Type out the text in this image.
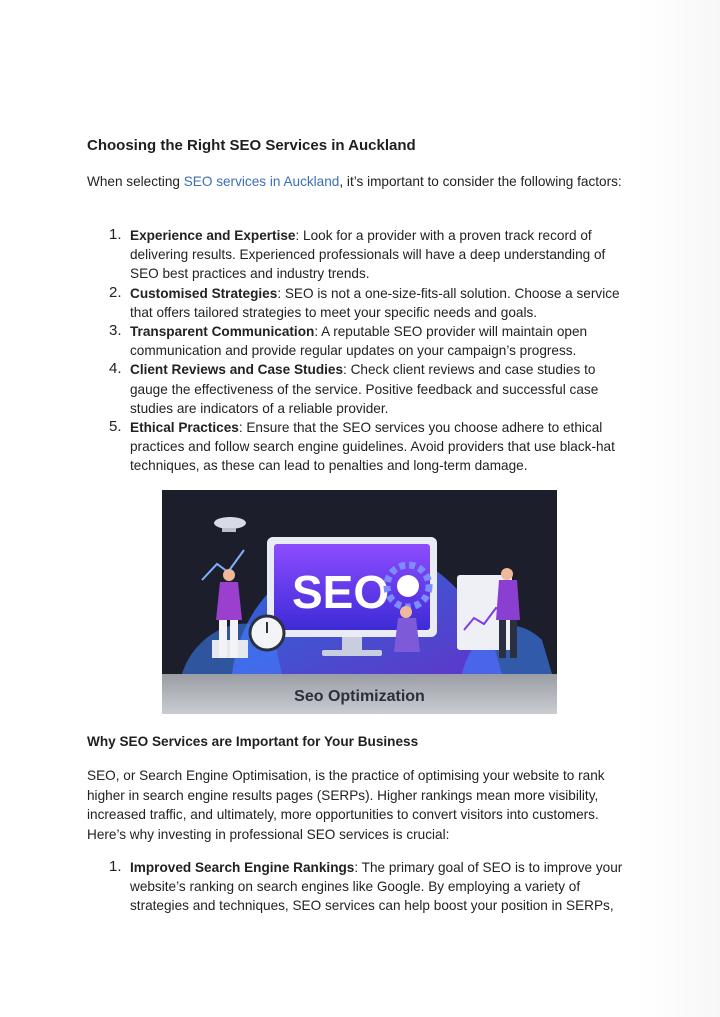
Choosing the Right SEO Services in Auckland
When selecting SEO services in Auckland, it’s important to consider the following factors:
1. Experience and Expertise: Look for a provider with a proven track record of delivering results. Experienced professionals will have a deep understanding of SEO best practices and industry trends.
2. Customised Strategies: SEO is not a one-size-fits-all solution. Choose a service that offers tailored strategies to meet your specific needs and goals.
3. Transparent Communication: A reputable SEO provider will maintain open communication and provide regular updates on your campaign’s progress.
4. Client Reviews and Case Studies: Check client reviews and case studies to gauge the effectiveness of the service. Positive feedback and successful case studies are indicators of a reliable provider.
5. Ethical Practices: Ensure that the SEO services you choose adhere to ethical practices and follow search engine guidelines. Avoid providers that use black-hat techniques, as these can lead to penalties and long-term damage.
Why SEO Services are Important for Your Business
SEO, or Search Engine Optimisation, is the practice of optimising your website to rank higher in search engine results pages (SERPs). Higher rankings mean more visibility, increased traffic, and ultimately, more opportunities to convert visitors into customers. Here’s why investing in professional SEO services is crucial:
1. Improved Search Engine Rankings: The primary goal of SEO is to improve your website’s ranking on search engines like Google. By employing a variety of strategies and techniques, SEO services can help boost your position in SERPs,
SEO
Seo Optimization
